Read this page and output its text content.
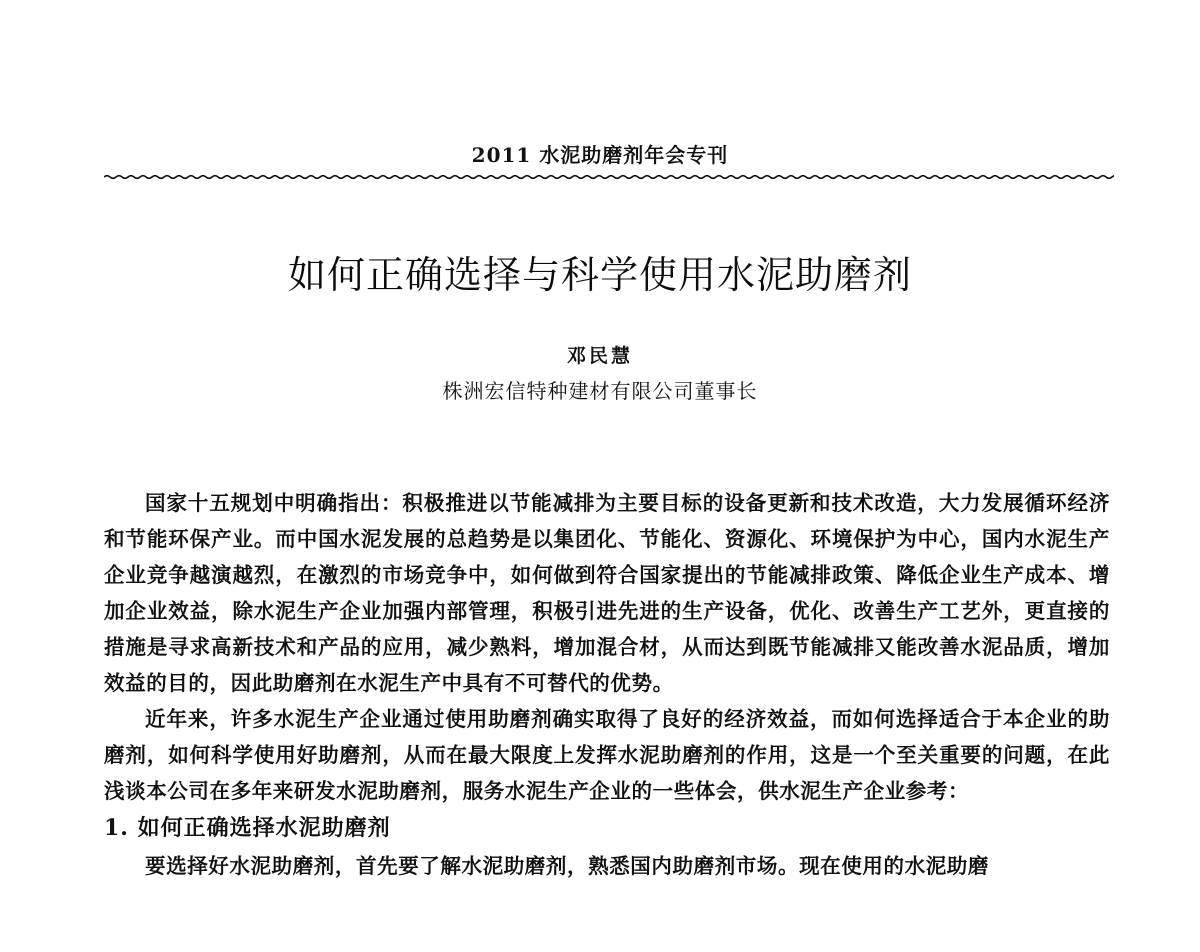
2011 水泥助磨剂年会专刊
如何正确选择与科学使用水泥助磨剂
邓民慧
株洲宏信特种建材有限公司董事长

国家十五规划中明确指出：积极推进以节能减排为主要目标的设备更新和技术改造，大力发展循环经济和节能环保产业。而中国水泥发展的总趋势是以集团化、节能化、资源化、环境保护为中心，国内水泥生产企业竞争越演越烈，在激烈的市场竞争中，如何做到符合国家提出的节能减排政策、降低企业生产成本、增加企业效益，除水泥生产企业加强内部管理，积极引进先进的生产设备，优化、改善生产工艺外，更直接的措施是寻求高新技术和产品的应用，减少熟料，增加混合材，从而达到既节能减排又能改善水泥品质，增加效益的目的，因此助磨剂在水泥生产中具有不可替代的优势。

近年来，许多水泥生产企业通过使用助磨剂确实取得了良好的经济效益，而如何选择适合于本企业的助磨剂，如何科学使用好助磨剂，从而在最大限度上发挥水泥助磨剂的作用，这是一个至关重要的问题，在此浅谈本公司在多年来研发水泥助磨剂，服务水泥生产企业的一些体会，供水泥生产企业参考：

1. 如何正确选择水泥助磨剂

要选择好水泥助磨剂，首先要了解水泥助磨剂，熟悉国内助磨剂市场。现在使用的水泥助磨
